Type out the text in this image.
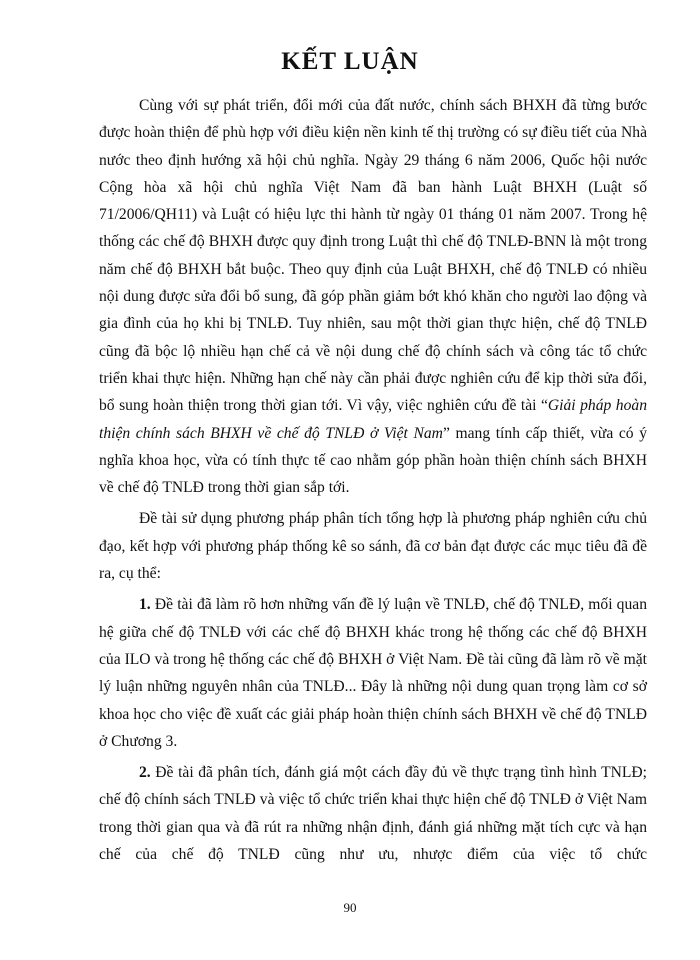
KẾT LUẬN

Cùng với sự phát triển, đổi mới của đất nước, chính sách BHXH đã từng bước được hoàn thiện để phù hợp với điều kiện nền kinh tế thị trường có sự điều tiết của Nhà nước theo định hướng xã hội chủ nghĩa. Ngày 29 tháng 6 năm 2006, Quốc hội nước Cộng hòa xã hội chủ nghĩa Việt Nam đã ban hành Luật BHXH (Luật số 71/2006/QH11) và Luật có hiệu lực thi hành từ ngày 01 tháng 01 năm 2007. Trong hệ thống các chế độ BHXH được quy định trong Luật thì chế độ TNLĐ-BNN là một trong năm chế độ BHXH bắt buộc. Theo quy định của Luật BHXH, chế độ TNLĐ có nhiều nội dung được sửa đổi bổ sung, đã góp phần giảm bớt khó khăn cho người lao động và gia đình của họ khi bị TNLĐ. Tuy nhiên, sau một thời gian thực hiện, chế độ TNLĐ cũng đã bộc lộ nhiều hạn chế cả về nội dung chế độ chính sách và công tác tổ chức triển khai thực hiện. Những hạn chế này cần phải được nghiên cứu để kịp thời sửa đổi, bổ sung hoàn thiện trong thời gian tới. Vì vậy, việc nghiên cứu đề tài “Giải pháp hoàn thiện chính sách BHXH về chế độ TNLĐ ở Việt Nam” mang tính cấp thiết, vừa có ý nghĩa khoa học, vừa có tính thực tế cao nhằm góp phần hoàn thiện chính sách BHXH về chế độ TNLĐ trong thời gian sắp tới.

Đề tài sử dụng phương pháp phân tích tổng hợp là phương pháp nghiên cứu chủ đạo, kết hợp với phương pháp thống kê so sánh, đã cơ bản đạt được các mục tiêu đã đề ra, cụ thể:

1. Đề tài đã làm rõ hơn những vấn đề lý luận về TNLĐ, chế độ TNLĐ, mối quan hệ giữa chế độ TNLĐ với các chế độ BHXH khác trong hệ thống các chế độ BHXH của ILO và trong hệ thống các chế độ BHXH ở Việt Nam. Đề tài cũng đã làm rõ về mặt lý luận những nguyên nhân của TNLĐ... Đây là những nội dung quan trọng làm cơ sở khoa học cho việc đề xuất các giải pháp hoàn thiện chính sách BHXH về chế độ TNLĐ ở Chương 3.

2. Đề tài đã phân tích, đánh giá một cách đầy đủ về thực trạng tình hình TNLĐ; chế độ chính sách TNLĐ và việc tổ chức triển khai thực hiện chế độ TNLĐ ở Việt Nam trong thời gian qua và đã rút ra những nhận định, đánh giá những mặt tích cực và hạn chế của chế độ TNLĐ cũng như ưu, nhược điểm của việc tổ chức

90
